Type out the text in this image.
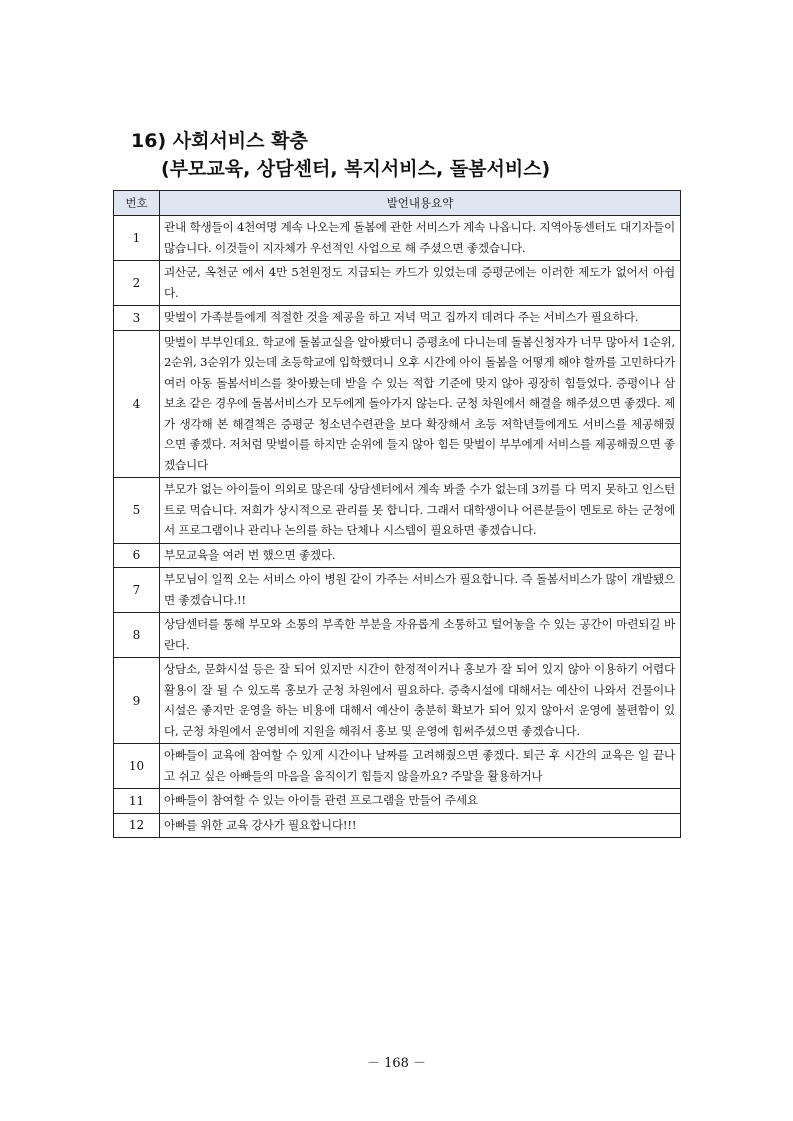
16) 사회서비스 확충
(부모교육, 상담센터, 복지서비스, 돌봄서비스)
번호	발언내용요약
1	관내 학생들이 4천여명 계속 나오는게 돌봄에 관한 서비스가 계속 나옵니다. 지역아동센터도 대기자들이 많습니다. 이것들이 지자체가 우선적인 사업으로 해 주셨으면 좋겠습니다.
2	괴산군, 옥천군 에서 4만 5천원정도 지급되는 카드가 있었는데 증평군에는 이러한 제도가 없어서 아쉽다.
3	맞벌이 가족분들에게 적절한 것을 제공을 하고 저녁 먹고 집까지 데려다 주는 서비스가 필요하다.
4	맞벌이 부부인데요. 학교에 돌봄교실을 알아봤더니 증평초에 다니는데 돌봄신청자가 너무 많아서 1순위, 2순위, 3순위가 있는데 초등학교에 입학했더니 오후 시간에 아이 돌봄을 어떻게 해야 할까를 고민하다가 여러 아동 돌봄서비스를 찾아봤는데 받을 수 있는 적합 기준에 맞지 않아 굉장히 힘들었다. 증평이나 삼보초 같은 경우에 돌봄서비스가 모두에게 돌아가지 않는다. 군청 차원에서 해결을 해주셨으면 좋겠다. 제가 생각해 본 해결책은 증평군 청소년수련관을 보다 확장해서 초등 저학년들에게도 서비스를 제공해줬으면 좋겠다. 저처럼 맞벌이를 하지만 순위에 들지 않아 힘든 맞벌이 부부에게 서비스를 제공해줬으면 좋겠습니다
5	부모가 없는 아이들이 의외로 많은데 상담센터에서 계속 봐줄 수가 없는데 3끼를 다 먹지 못하고 인스턴트로 먹습니다. 저희가 상시적으로 관리를 못 합니다. 그래서 대학생이나 어른분들이 멘토로 하는 군청에서 프로그램이나 관리나 논의를 하는 단체나 시스템이 필요하면 좋겠습니다.
6	부모교육을 여러 번 했으면 좋겠다.
7	부모님이 일찍 오는 서비스 아이 병원 같이 가주는 서비스가 필요합니다. 즉 돌봄서비스가 많이 개발됐으면 좋겠습니다.!!
8	상담센터를 통해 부모와 소통의 부족한 부분을 자유롭게 소통하고 털어놓을 수 있는 공간이 마련되길 바란다.
9	상담소, 문화시설 등은 잘 되어 있지만 시간이 한정적이거나 홍보가 잘 되어 있지 않아 이용하기 어렵다 활용이 잘 될 수 있도록 홍보가 군청 차원에서 필요하다. 증축시설에 대해서는 예산이 나와서 건물이나 시설은 좋지만 운영을 하는 비용에 대해서 예산이 충분히 확보가 되어 있지 않아서 운영에 불편함이 있다, 군청 차원에서 운영비에 지원을 해줘서 홍보 및 운영에 힘써주셨으면 좋겠습니다.
10	아빠들이 교육에 참여할 수 있게 시간이나 날짜를 고려해줬으면 좋겠다. 퇴근 후 시간의 교육은 일 끝나고 쉬고 싶은 아빠들의 마음을 움직이기 힘들지 않을까요? 주말을 활용하거나
11	아빠들이 참여할 수 있는 아이들 관련 프로그램을 만들어 주세요
12	아빠를 위한 교육 강사가 필요합니다!!!
－ 168 －
